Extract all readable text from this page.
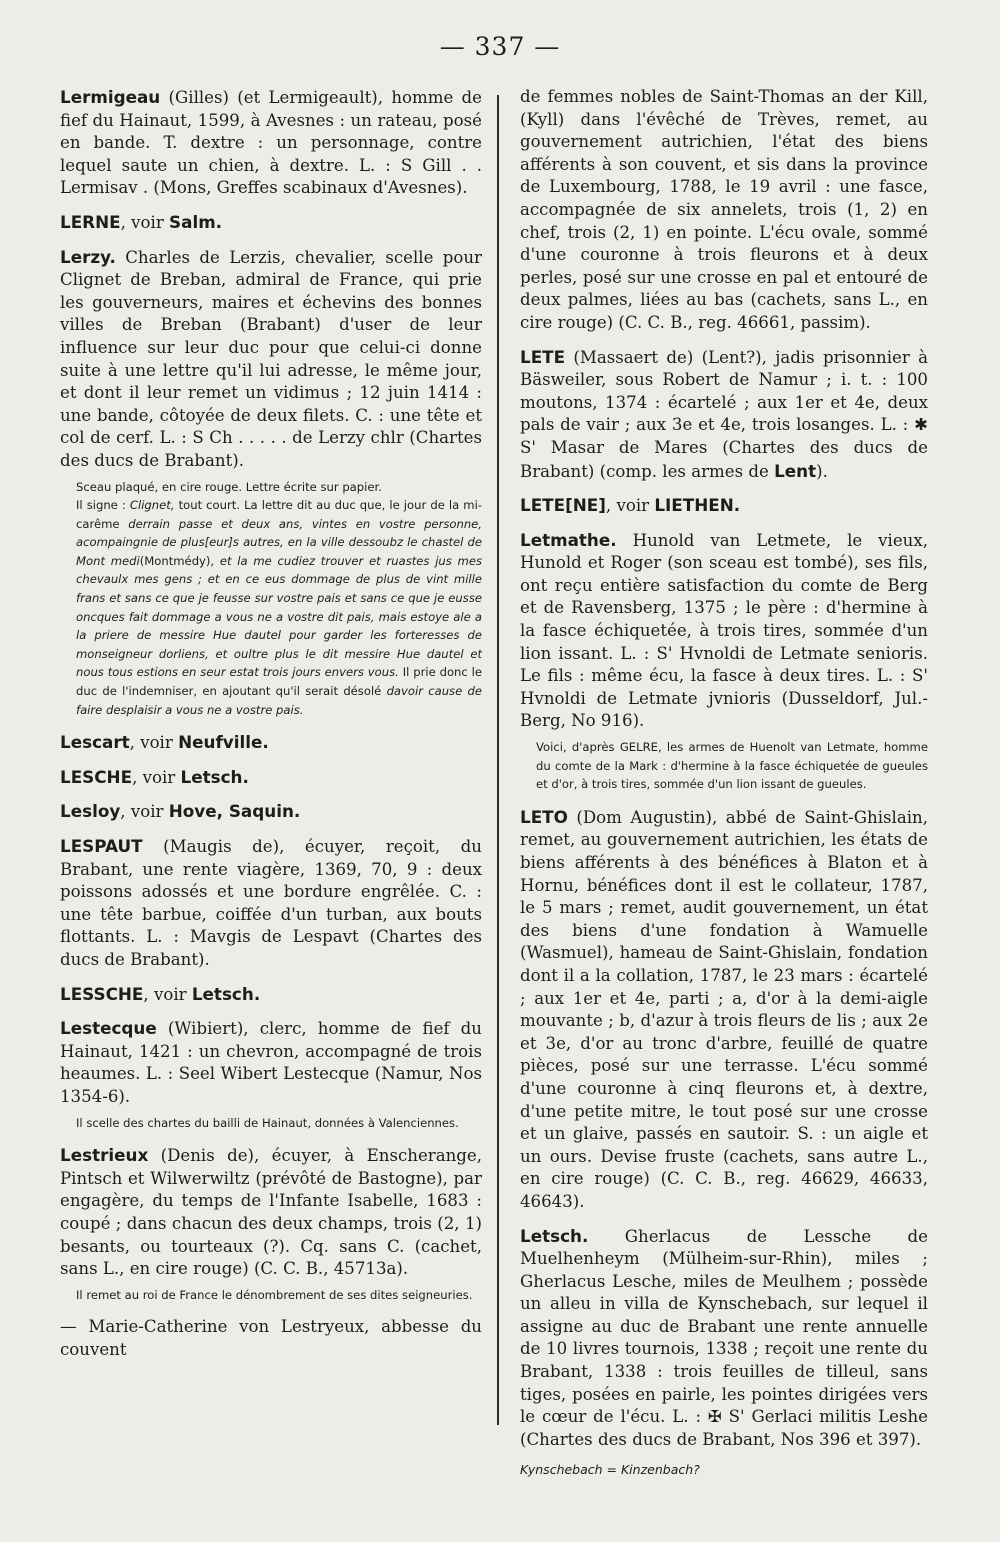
— 337 —

Lermigeau (Gilles) (et Lermigeault), homme de fief du Hainaut, 1599, à Avesnes : un rateau, posé en bande. T. dextre : un personnage, contre lequel saute un chien, à dextre. L. : S Gill . . Lermisav . (Mons, Greffes scabinaux d'Avesnes).

LERNE, voir Salm.

Lerzy. Charles de Lerzis, chevalier, scelle pour Clignet de Breban, admiral de France, qui prie les gouverneurs, maires et échevins des bonnes villes de Breban (Brabant) d'user de leur influence sur leur duc pour que celui-ci donne suite à une lettre qu'il lui adresse, le même jour, et dont il leur remet un vidimus ; 12 juin 1414 : une bande, côtoyée de deux filets. C. : une tête et col de cerf. L. : S Ch . . . . . de Lerzy chlr (Chartes des ducs de Brabant).

Sceau plaqué, en cire rouge. Lettre écrite sur papier.
Il signe : Clignet, tout court. La lettre dit au duc que, le jour de la mi-carême derrain passe et deux ans, vintes en vostre personne, acompaingnie de plus[eur]s autres, en la ville dessoubz le chastel de Mont medi(Montmédy), et la me cudiez trouver et ruastes jus mes chevaulx mes gens ; et en ce eus dommage de plus de vint mille frans et sans ce que je feusse sur vostre pais et sans ce que je eusse oncques fait dommage a vous ne a vostre dit pais, mais estoye ale a la priere de messire Hue dautel pour garder les forteresses de monseigneur dorliens, et oultre plus le dit messire Hue dautel et nous tous estions en seur estat trois jours envers vous. Il prie donc le duc de l'indemniser, en ajoutant qu'il serait désolé davoir cause de faire desplaisir a vous ne a vostre pais.

Lescart, voir Neufville.

LESCHE, voir Letsch.

Lesloy, voir Hove, Saquin.

LESPAUT (Maugis de), écuyer, reçoit, du Brabant, une rente viagère, 1369, 70, 9 : deux poissons adossés et une bordure engrêlée. C. : une tête barbue, coiffée d'un turban, aux bouts flottants. L. : Mavgis de Lespavt (Chartes des ducs de Brabant).

LESSCHE, voir Letsch.

Lestecque (Wibiert), clerc, homme de fief du Hainaut, 1421 : un chevron, accompagné de trois heaumes. L. : Seel Wibert Lestecque (Namur, Nos 1354-6).

Il scelle des chartes du bailli de Hainaut, données à Valenciennes.

Lestrieux (Denis de), écuyer, à Enscherange, Pintsch et Wilwerwiltz (prévôté de Bastogne), par engagère, du temps de l'Infante Isabelle, 1683 : coupé ; dans chacun des deux champs, trois (2, 1) besants, ou tourteaux (?). Cq. sans C. (cachet, sans L., en cire rouge) (C. C. B., 45713a).

Il remet au roi de France le dénombrement de ses dites seigneuries.

— Marie-Catherine von Lestryeux, abbesse du couvent

de femmes nobles de Saint-Thomas an der Kill, (Kyll) dans l'évêché de Trèves, remet, au gouvernement autrichien, l'état des biens afférents à son couvent, et sis dans la province de Luxembourg, 1788, le 19 avril : une fasce, accompagnée de six annelets, trois (1, 2) en chef, trois (2, 1) en pointe. L'écu ovale, sommé d'une couronne à trois fleurons et à deux perles, posé sur une crosse en pal et entouré de deux palmes, liées au bas (cachets, sans L., en cire rouge) (C. C. B., reg. 46661, passim).

LETE (Massaert de) (Lent?), jadis prisonnier à Bäsweiler, sous Robert de Namur ; i. t. : 100 moutons, 1374 : écartelé ; aux 1er et 4e, deux pals de vair ; aux 3e et 4e, trois losanges. L. : ✱ S' Masar de Mares (Chartes des ducs de Brabant) (comp. les armes de Lent).

LETE[NE], voir LIETHEN.

Letmathe. Hunold van Letmete, le vieux, Hunold et Roger (son sceau est tombé), ses fils, ont reçu entière satisfaction du comte de Berg et de Ravensberg, 1375 ; le père : d'hermine à la fasce échiquetée, à trois tires, sommée d'un lion issant. L. : S' Hvnoldi de Letmate senioris. Le fils : même écu, la fasce à deux tires. L. : S' Hvnoldi de Letmate jvnioris (Dusseldorf, Jul.-Berg, No 916).

Voici, d'après GELRE, les armes de Huenolt van Letmate, homme du comte de la Mark : d'hermine à la fasce échiquetée de gueules et d'or, à trois tires, sommée d'un lion issant de gueules.

LETO (Dom Augustin), abbé de Saint-Ghislain, remet, au gouvernement autrichien, les états de biens afférents à des bénéfices à Blaton et à Hornu, bénéfices dont il est le collateur, 1787, le 5 mars ; remet, audit gouvernement, un état des biens d'une fondation à Wamuelle (Wasmuel), hameau de Saint-Ghislain, fondation dont il a la collation, 1787, le 23 mars : écartelé ; aux 1er et 4e, parti ; a, d'or à la demi-aigle mouvante ; b, d'azur à trois fleurs de lis ; aux 2e et 3e, d'or au tronc d'arbre, feuillé de quatre pièces, posé sur une terrasse. L'écu sommé d'une couronne à cinq fleurons et, à dextre, d'une petite mitre, le tout posé sur une crosse et un glaive, passés en sautoir. S. : un aigle et un ours. Devise fruste (cachets, sans autre L., en cire rouge) (C. C. B., reg. 46629, 46633, 46643).

Letsch. Gherlacus de Lessche de Muelhenheym (Mülheim-sur-Rhin), miles ; Gherlacus Lesche, miles de Meulhem ; possède un alleu in villa de Kynschebach, sur lequel il assigne au duc de Brabant une rente annuelle de 10 livres tournois, 1338 ; reçoit une rente du Brabant, 1338 : trois feuilles de tilleul, sans tiges, posées en pairle, les pointes dirigées vers le cœur de l'écu. L. : ✠ S' Gerlaci militis Leshe (Chartes des ducs de Brabant, Nos 396 et 397).

Kynschebach = Kinzenbach?
